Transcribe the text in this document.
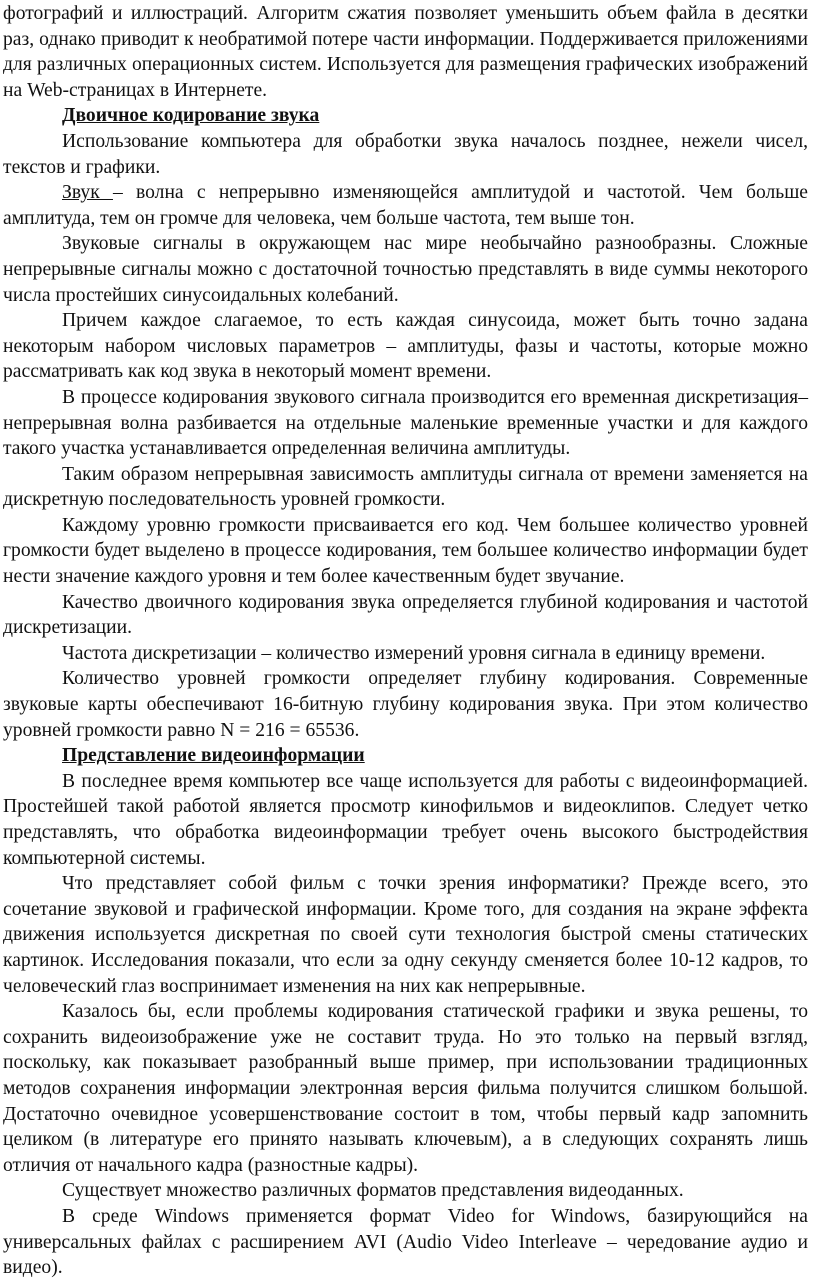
фотографий и иллюстраций. Алгоритм сжатия позволяет уменьшить объем файла в десятки раз, однако приводит к необратимой потере части информации. Поддерживается приложениями для различных операционных систем. Используется для размещения графических изображений на Web-страницах в Интернете.

Двоичное кодирование звука

Использование компьютера для обработки звука началось позднее, нежели чисел, текстов и графики.

Звук – волна с непрерывно изменяющейся амплитудой и частотой. Чем больше амплитуда, тем он громче для человека, чем больше частота, тем выше тон.

Звуковые сигналы в окружающем нас мире необычайно разнообразны. Сложные непрерывные сигналы можно с достаточной точностью представлять в виде суммы некоторого числа простейших синусоидальных колебаний.

Причем каждое слагаемое, то есть каждая синусоида, может быть точно задана некоторым набором числовых параметров – амплитуды, фазы и частоты, которые можно рассматривать как код звука в некоторый момент времени.

В процессе кодирования звукового сигнала производится его временная дискретизация– непрерывная волна разбивается на отдельные маленькие временные участки и для каждого такого участка устанавливается определенная величина амплитуды.

Таким образом непрерывная зависимость амплитуды сигнала от времени заменяется на дискретную последовательность уровней громкости.

Каждому уровню громкости присваивается его код. Чем большее количество уровней громкости будет выделено в процессе кодирования, тем большее количество информации будет нести значение каждого уровня и тем более качественным будет звучание.

Качество двоичного кодирования звука определяется глубиной кодирования и частотой дискретизации.

Частота дискретизации – количество измерений уровня сигнала в единицу времени.

Количество уровней громкости определяет глубину кодирования. Современные звуковые карты обеспечивают 16-битную глубину кодирования звука. При этом количество уровней громкости равно N = 216 = 65536.

Представление видеоинформации

В последнее время компьютер все чаще используется для работы с видеоинформацией. Простейшей такой работой является просмотр кинофильмов и видеоклипов. Следует четко представлять, что обработка видеоинформации требует очень высокого быстродействия компьютерной системы.

Что представляет собой фильм с точки зрения информатики? Прежде всего, это сочетание звуковой и графической информации. Кроме того, для создания на экране эффекта движения используется дискретная по своей сути технология быстрой смены статических картинок. Исследования показали, что если за одну секунду сменяется более 10-12 кадров, то человеческий глаз воспринимает изменения на них как непрерывные.

Казалось бы, если проблемы кодирования статической графики и звука решены, то сохранить видеоизображение уже не составит труда. Но это только на первый взгляд, поскольку, как показывает разобранный выше пример, при использовании традиционных методов сохранения информации электронная версия фильма получится слишком большой. Достаточно очевидное усовершенствование состоит в том, чтобы первый кадр запомнить целиком (в литературе его принято называть ключевым), а в следующих сохранять лишь отличия от начального кадра (разностные кадры).

Существует множество различных форматов представления видеоданных.

В среде Windows применяется формат Video for Windows, базирующийся на универсальных файлах с расширением AVI (Audio Video Interleave – чередование аудио и видео).
